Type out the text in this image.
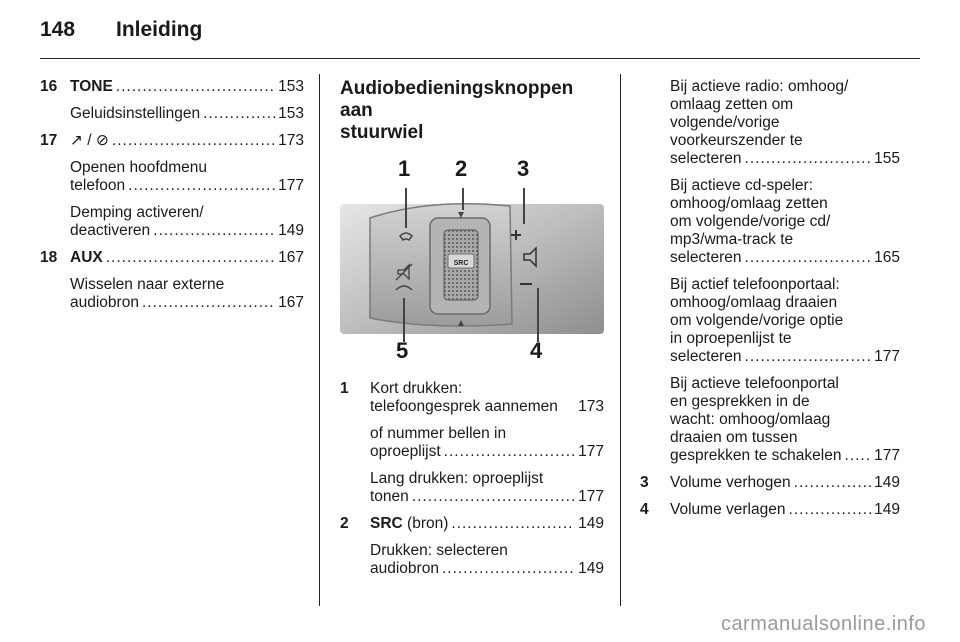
148 Inleiding
16 TONE .....	153
Geluidsinstellingen .....	153
17 ↗ / ⊘ .....	173
Openen hoofdmenu
telefoon .....	177
Demping activeren/
deactiveren .....	149
18 AUX .....	167
Wisselen naar externe
audiobron .....	167
Audiobedieningsknoppen aan
stuurwiel
SRC
1 2 3
4
5
1 Kort drukken:
telefoongesprek aannemen 173
of nummer bellen in
oproeplijst .....	177
Lang drukken: oproeplijst
tonen .....	177
2 SRC (bron) .....	149
Drukken: selecteren
audiobron .....	149
Bij actieve radio: omhoog/
omlaag zetten om
volgende/vorige
voorkeurszender te
selecteren .....	155
Bij actieve cd-speler:
omhoog/omlaag zetten
om volgende/vorige cd/
mp3/wma-track te
selecteren .....	165
Bij actief telefoonportaal:
omhoog/omlaag draaien
om volgende/vorige optie
in oproepenlijst te
selecteren .....	177
Bij actieve telefoonportal
en gesprekken in de
wacht: omhoog/omlaag
draaien om tussen
gesprekken te schakelen ..... 177
3 Volume verhogen .....	149
4 Volume verlagen .....	149
carmanualsonline.info
